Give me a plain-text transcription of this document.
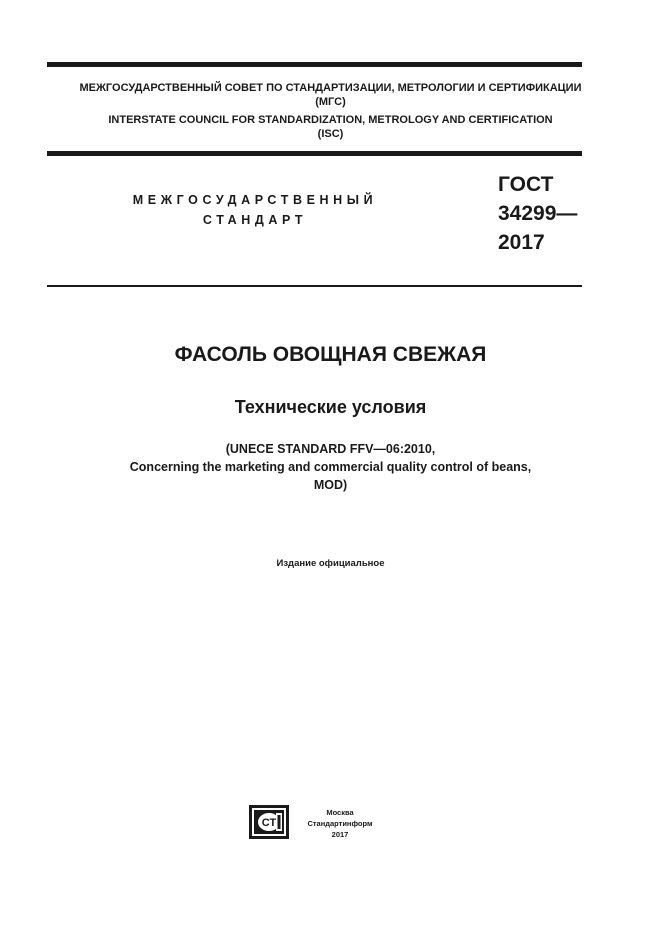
МЕЖГОСУДАРСТВЕННЫЙ СОВЕТ ПО СТАНДАРТИЗАЦИИ, МЕТРОЛОГИИ И СЕРТИФИКАЦИИ
(МГС)
INTERSTATE COUNCIL FOR STANDARDIZATION, METROLOGY AND CERTIFICATION
(ISC)
МЕЖГОСУДАРСТВЕННЫЙ
СТАНДАРТ
ГОСТ
34299—
2017
ФАСОЛЬ ОВОЩНАЯ СВЕЖАЯ
Технические условия
(UNECE STANDARD FFV—06:2010,
Concerning the marketing and commercial quality control of beans,
MOD)
Издание официальное
СТ
Москва
Стандартинформ
2017
